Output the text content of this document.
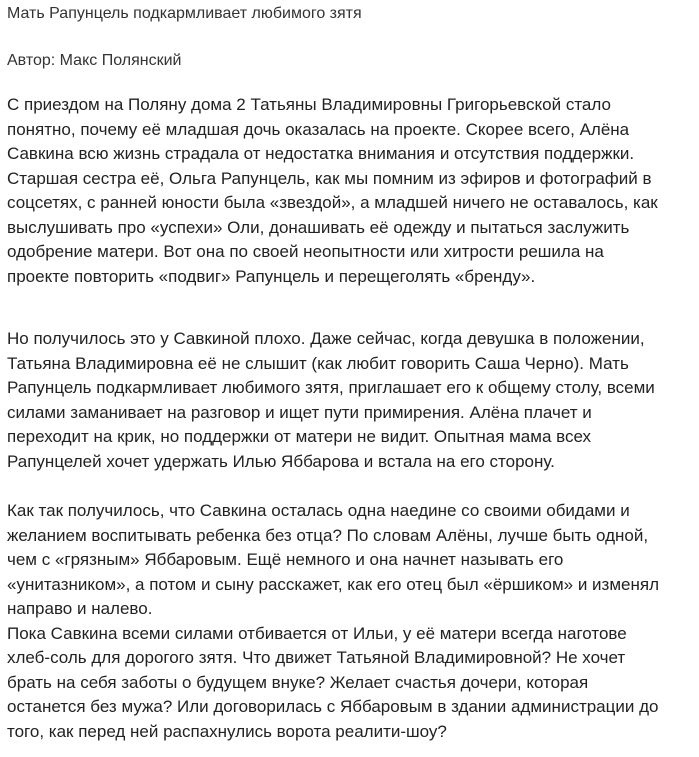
Мать Рапунцель подкармливает любимого зятя
Автор: Макс Полянский

С приездом на Поляну дома 2 Татьяны Владимировны Григорьевской стало
понятно, почему её младшая дочь оказалась на проекте. Скорее всего, Алёна
Савкина всю жизнь страдала от недостатка внимания и отсутствия поддержки.
Старшая сестра её, Ольга Рапунцель, как мы помним из эфиров и фотографий в
соцсетях, с ранней юности была «звездой», а младшей ничего не оставалось, как
выслушивать про «успехи» Оли, донашивать её одежду и пытаться заслужить
одобрение матери. Вот она по своей неопытности или хитрости решила на
проекте повторить «подвиг» Рапунцель и перещеголять «бренду».

Но получилось это у Савкиной плохо. Даже сейчас, когда девушка в положении,
Татьяна Владимировна её не слышит (как любит говорить Саша Черно). Мать
Рапунцель подкармливает любимого зятя, приглашает его к общему столу, всеми
силами заманивает на разговор и ищет пути примирения. Алёна плачет и
переходит на крик, но поддержки от матери не видит. Опытная мама всех
Рапунцелей хочет удержать Илью Яббарова и встала на его сторону.

Как так получилось, что Савкина осталась одна наедине со своими обидами и
желанием воспитывать ребенка без отца? По словам Алёны, лучше быть одной,
чем с «грязным» Яббаровым. Ещё немного и она начнет называть его
«унитазником», а потом и сыну расскажет, как его отец был «ёршиком» и изменял
направо и налево.
Пока Савкина всеми силами отбивается от Ильи, у её матери всегда наготове
хлеб-соль для дорогого зятя. Что движет Татьяной Владимировной? Не хочет
брать на себя заботы о будущем внуке? Желает счастья дочери, которая
останется без мужа? Или договорилась с Яббаровым в здании администрации до
того, как перед ней распахнулись ворота реалити-шоу?
